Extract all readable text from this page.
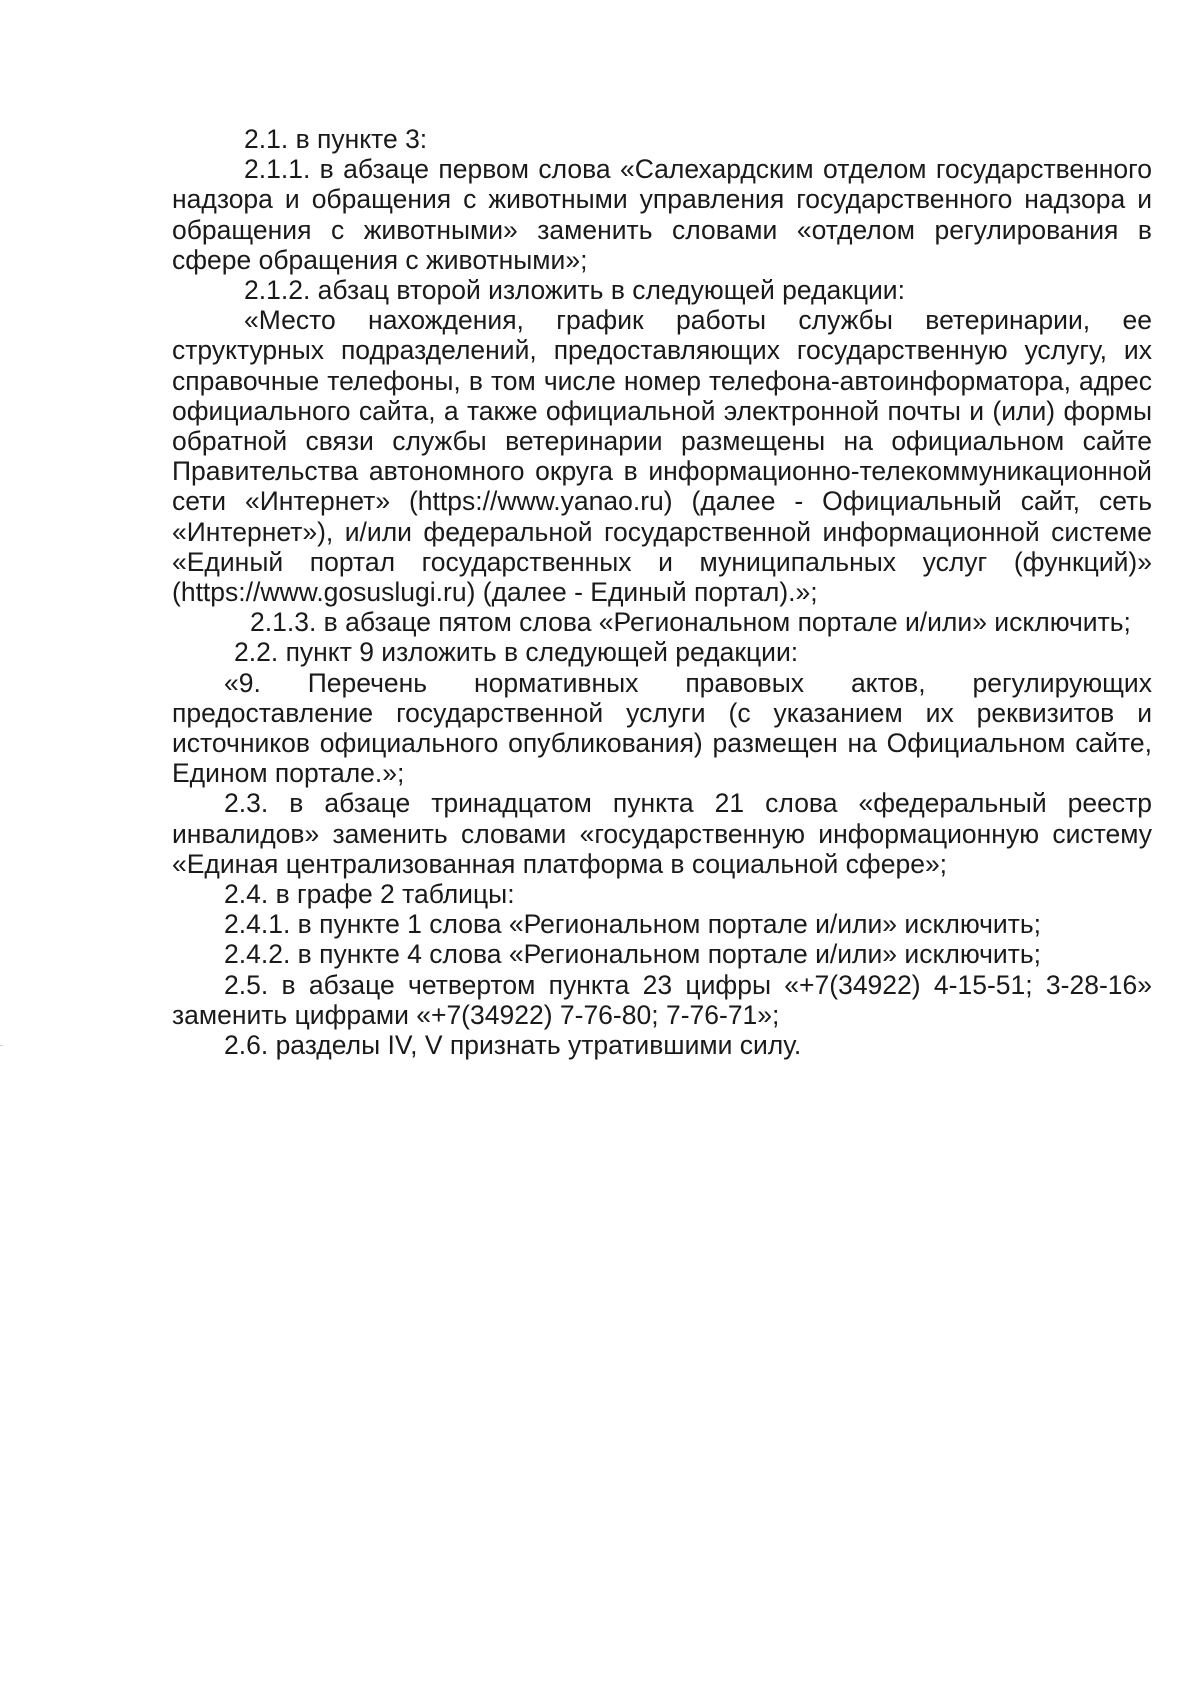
2.1. в пункте 3:

2.1.1. в абзаце первом слова «Салехардским отделом государственного надзора и обращения с животными управления государственного надзора и обращения с животными» заменить словами «отделом регулирования в сфере обращения с животными»;

2.1.2. абзац второй изложить в следующей редакции:

«Место нахождения, график работы службы ветеринарии, ее структурных подразделений, предоставляющих государственную услугу, их справочные телефоны, в том числе номер телефона-автоинформатора, адрес официального сайта, а также официальной электронной почты и (или) формы обратной связи службы ветеринарии размещены на официальном сайте Правительства автономного округа в информационно-телекоммуникационной сети «Интернет» (https://www.yanao.ru) (далее - Официальный сайт, сеть «Интернет»), и/или федеральной государственной информационной системе «Единый портал государственных и муниципальных услуг (функций)» (https://www.gosuslugi.ru) (далее - Единый портал).»;

2.1.3. в абзаце пятом слова «Региональном портале и/или» исключить;

2.2. пункт 9 изложить в следующей редакции:

«9. Перечень нормативных правовых актов, регулирующих предоставление государственной услуги (с указанием их реквизитов и источников официального опубликования) размещен на Официальном сайте, Едином портале.»;

2.3. в абзаце тринадцатом пункта 21 слова «федеральный реестр инвалидов» заменить словами «государственную информационную систему «Единая централизованная платформа в социальной сфере»;

2.4. в графе 2 таблицы:

2.4.1. в пункте 1 слова «Региональном портале и/или» исключить;

2.4.2. в пункте 4 слова «Региональном портале и/или» исключить;

2.5. в абзаце четвертом пункта 23 цифры «+7(34922) 4-15-51; 3-28-16» заменить цифрами «+7(34922) 7-76-80; 7-76-71»;

2.6. разделы IV, V признать утратившими силу.
